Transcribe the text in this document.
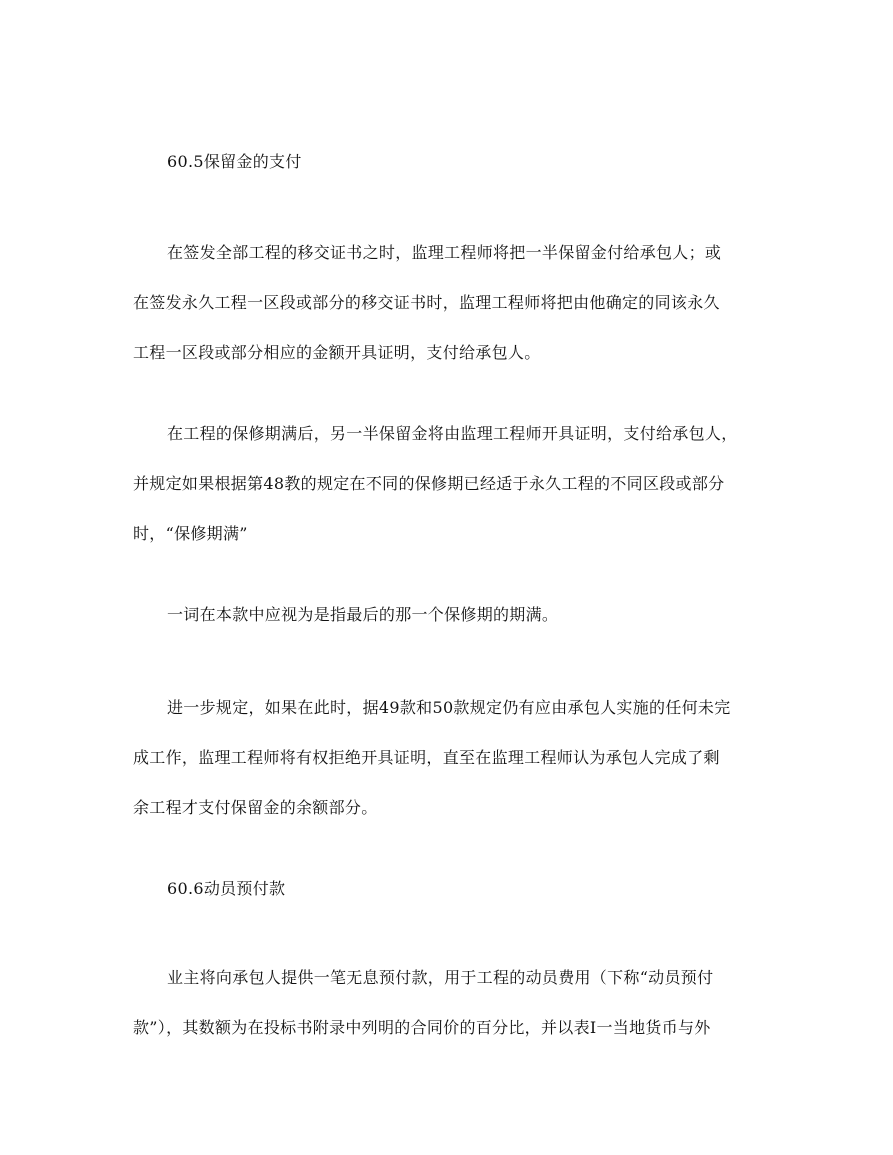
60.5保留金的支付
在签发全部工程的移交证书之时，监理工程师将把一半保留金付给承包人；或
在签发永久工程一区段或部分的移交证书时，监理工程师将把由他确定的同该永久
工程一区段或部分相应的金额开具证明，支付给承包人。
在工程的保修期满后，另一半保留金将由监理工程师开具证明，支付给承包人，
并规定如果根据第48教的规定在不同的保修期已经适于永久工程的不同区段或部分
时，“保修期满”
一词在本款中应视为是指最后的那一个保修期的期满。
进一步规定，如果在此时，据49款和50款规定仍有应由承包人实施的任何未完
成工作，监理工程师将有权拒绝开具证明，直至在监理工程师认为承包人完成了剩
余工程才支付保留金的余额部分。
60.6动员预付款
业主将向承包人提供一笔无息预付款，用于工程的动员费用（下称“动员预付
款”），其数额为在投标书附录中列明的合同价的百分比，并以表I一当地货币与外
